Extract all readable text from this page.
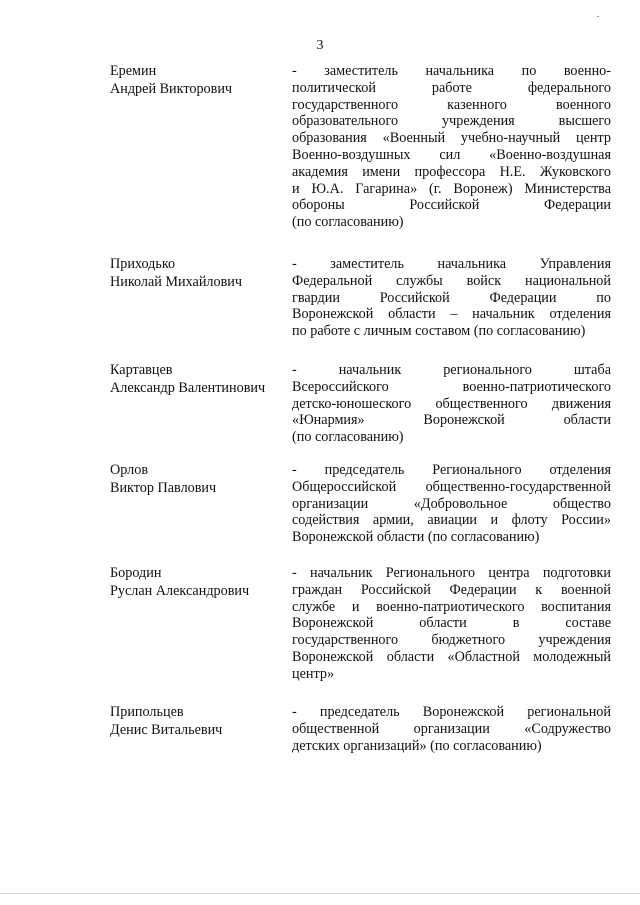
3
Еремин
Андрей Викторович
- заместитель начальника по военно-
политической работе федерального
государственного казенного военного
образовательного учреждения высшего
образования «Военный учебно-научный центр
Военно-воздушных сил «Военно-воздушная
академия имени профессора Н.Е. Жуковского
и Ю.А. Гагарина» (г. Воронеж) Министерства
обороны Российской Федерации
(по согласованию)
Приходько
Николай Михайлович
- заместитель начальника Управления
Федеральной службы войск национальной
гвардии Российской Федерации по
Воронежской области – начальник отделения
по работе с личным составом (по согласованию)
Картавцев
Александр Валентинович
- начальник регионального штаба
Всероссийского военно-патриотического
детско-юношеского общественного движения
«Юнармия» Воронежской области
(по согласованию)
Орлов
Виктор Павлович
- председатель Регионального отделения
Общероссийской общественно-государственной
организации «Добровольное общество
содействия армии, авиации и флоту России»
Воронежской области (по согласованию)
Бородин
Руслан Александрович
- начальник Регионального центра подготовки
граждан Российской Федерации к военной
службе и военно-патриотического воспитания
Воронежской области в составе
государственного бюджетного учреждения
Воронежской области «Областной молодежный
центр»
Припольцев
Денис Витальевич
- председатель Воронежской региональной
общественной организации «Содружество
детских организаций» (по согласованию)
